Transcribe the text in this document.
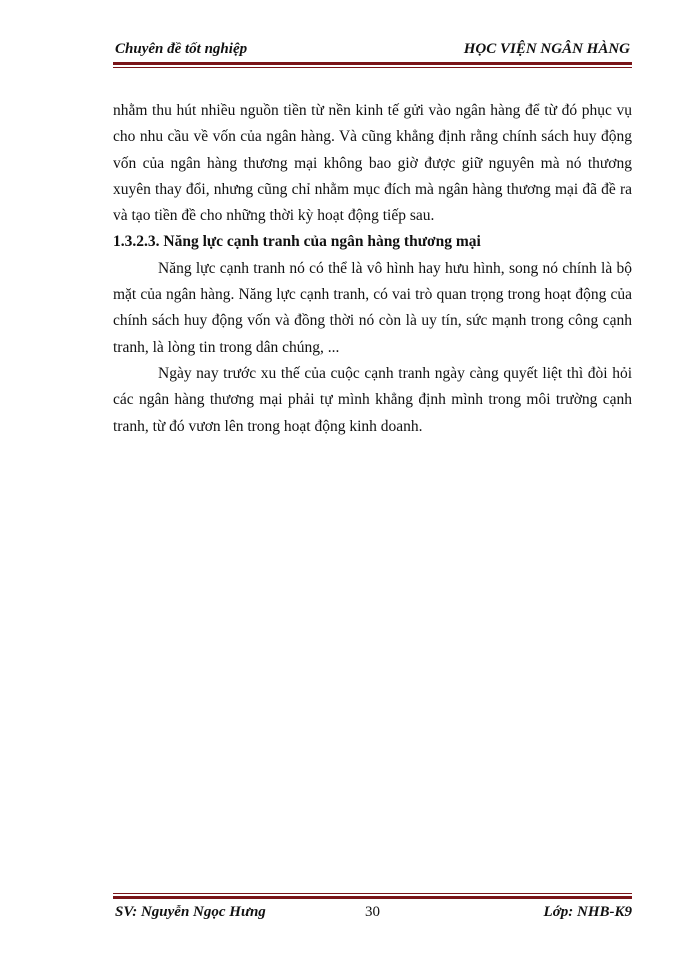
Chuyên đề tốt nghiệp	HỌC VIỆN NGÂN HÀNG

nhằm thu hút nhiều nguồn tiền từ nền kinh tế gửi vào ngân hàng để từ đó phục vụ cho nhu cầu về vốn của ngân hàng. Và cũng khẳng định rằng chính sách huy động vốn của ngân hàng thương mại không bao giờ được giữ nguyên mà nó thương xuyên thay đổi, nhưng cũng chỉ nhằm mục đích mà ngân hàng thương mại đã đề ra và tạo tiền đề cho những thời kỳ hoạt động tiếp sau.

1.3.2.3. Năng lực cạnh tranh của ngân hàng thương mại

Năng lực cạnh tranh nó có thể là vô hình hay hưu hình, song nó chính là bộ mặt của ngân hàng. Năng lực cạnh tranh, có vai trò quan trọng trong hoạt động của chính sách huy động vốn và đồng thời nó còn là uy tín, sức mạnh trong công cạnh tranh, là lòng tin trong dân chúng, ...

Ngày nay trước xu thế của cuộc cạnh tranh ngày càng quyết liệt thì đòi hỏi các ngân hàng thương mại phải tự mình khẳng định mình trong môi trường cạnh tranh, từ đó vươn lên trong hoạt động kinh doanh.

SV: Nguyễn Ngọc Hưng	30	Lớp: NHB-K9
